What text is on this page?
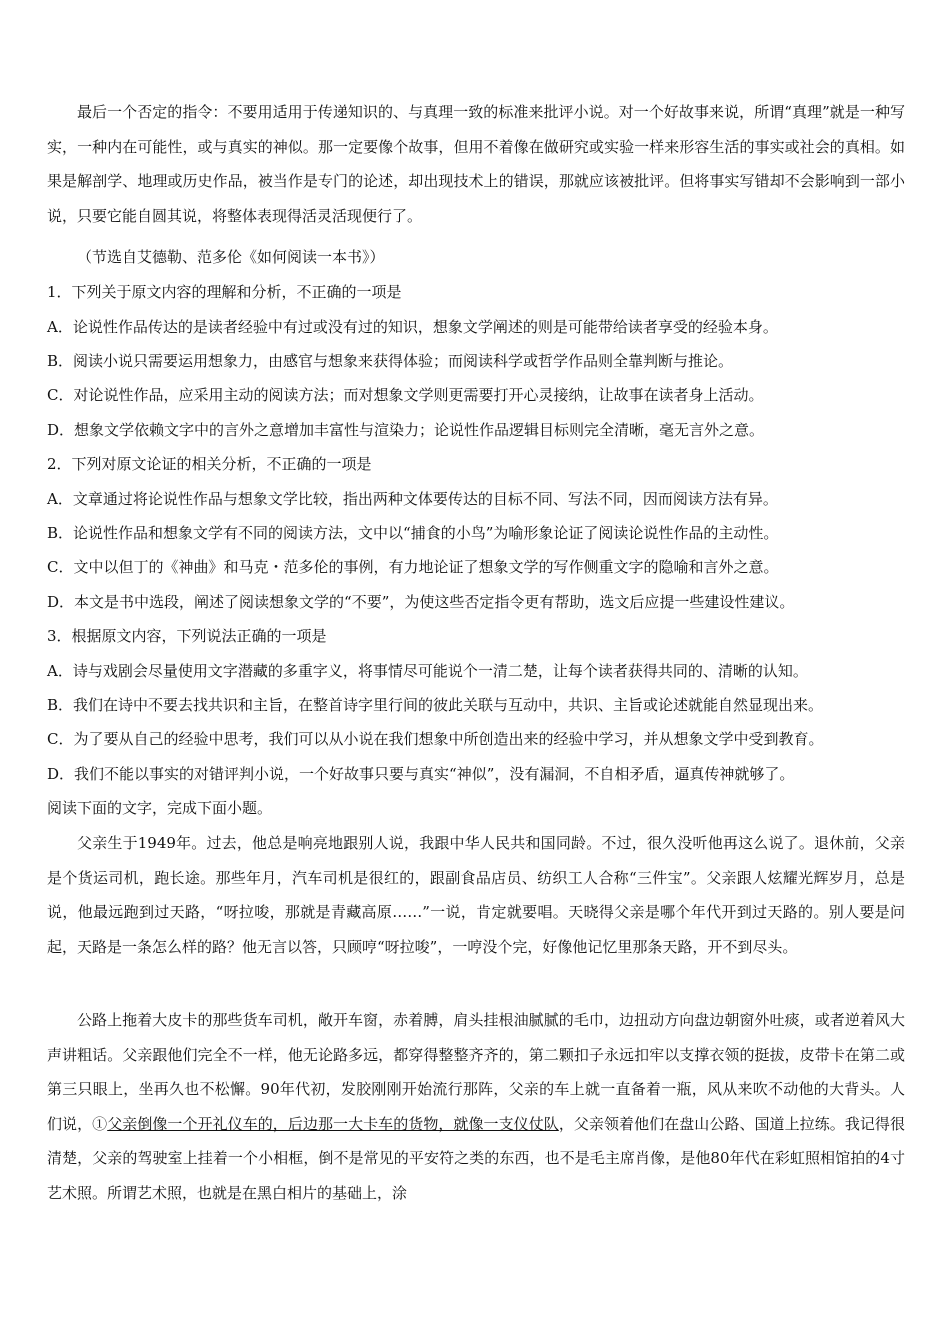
最后一个否定的指令：不要用适用于传递知识的、与真理一致的标准来批评小说。对一个好故事来说，所谓“真理”就是一种写实，一种内在可能性，或与真实的神似。那一定要像个故事，但用不着像在做研究或实验一样来形容生活的事实或社会的真相。如果是解剖学、地理或历史作品，被当作是专门的论述，却出现技术上的错误，那就应该被批评。但将事实写错却不会影响到一部小说，只要它能自圆其说，将整体表现得活灵活现便行了。

（节选自艾德勒、范多伦《如何阅读一本书》）

1．下列关于原文内容的理解和分析，不正确的一项是

A．论说性作品传达的是读者经验中有过或没有过的知识，想象文学阐述的则是可能带给读者享受的经验本身。

B．阅读小说只需要运用想象力，由感官与想象来获得体验；而阅读科学或哲学作品则全靠判断与推论。

C．对论说性作品，应采用主动的阅读方法；而对想象文学则更需要打开心灵接纳，让故事在读者身上活动。

D．想象文学依赖文字中的言外之意增加丰富性与渲染力；论说性作品逻辑目标则完全清晰，毫无言外之意。

2．下列对原文论证的相关分析，不正确的一项是

A．文章通过将论说性作品与想象文学比较，指出两种文体要传达的目标不同、写法不同，因而阅读方法有异。

B．论说性作品和想象文学有不同的阅读方法，文中以“捕食的小鸟”为喻形象论证了阅读论说性作品的主动性。

C．文中以但丁的《神曲》和马克・范多伦的事例，有力地论证了想象文学的写作侧重文字的隐喻和言外之意。

D．本文是书中选段，阐述了阅读想象文学的“不要”，为使这些否定指令更有帮助，选文后应提一些建设性建议。

3．根据原文内容，下列说法正确的一项是

A．诗与戏剧会尽量使用文字潜藏的多重字义，将事情尽可能说个一清二楚，让每个读者获得共同的、清晰的认知。

B．我们在诗中不要去找共识和主旨，在整首诗字里行间的彼此关联与互动中，共识、主旨或论述就能自然显现出来。

C．为了要从自己的经验中思考，我们可以从小说在我们想象中所创造出来的经验中学习，并从想象文学中受到教育。

D．我们不能以事实的对错评判小说，一个好故事只要与真实“神似”，没有漏洞，不自相矛盾，逼真传神就够了。

阅读下面的文字，完成下面小题。

父亲生于1949年。过去，他总是响亮地跟别人说，我跟中华人民共和国同龄。不过，很久没听他再这么说了。退休前，父亲是个货运司机，跑长途。那些年月，汽车司机是很红的，跟副食品店员、纺织工人合称“三件宝”。父亲跟人炫耀光辉岁月，总是说，他最远跑到过天路，“呀拉唆，那就是青藏高原……”一说，肯定就要唱。天晓得父亲是哪个年代开到过天路的。别人要是问起，天路是一条怎么样的路？他无言以答，只顾哼“呀拉唆”，一哼没个完，好像他记忆里那条天路，开不到尽头。

公路上拖着大皮卡的那些货车司机，敞开车窗，赤着膊，肩头挂根油腻腻的毛巾，边扭动方向盘边朝窗外吐痰，或者逆着风大声讲粗话。父亲跟他们完全不一样，他无论路多远，都穿得整整齐齐的，第二颗扣子永远扣牢以支撑衣领的挺拔，皮带卡在第二或第三只眼上，坐再久也不松懈。90年代初，发胶刚刚开始流行那阵，父亲的车上就一直备着一瓶，风从来吹不动他的大背头。人们说，①父亲倒像一个开礼仪车的，后边那一大卡车的货物，就像一支仪仗队，父亲领着他们在盘山公路、国道上拉练。我记得很清楚，父亲的驾驶室上挂着一个小相框，倒不是常见的平安符之类的东西，也不是毛主席肖像，是他80年代在彩虹照相馆拍的4寸艺术照。所谓艺术照，也就是在黑白相片的基础上，涂
